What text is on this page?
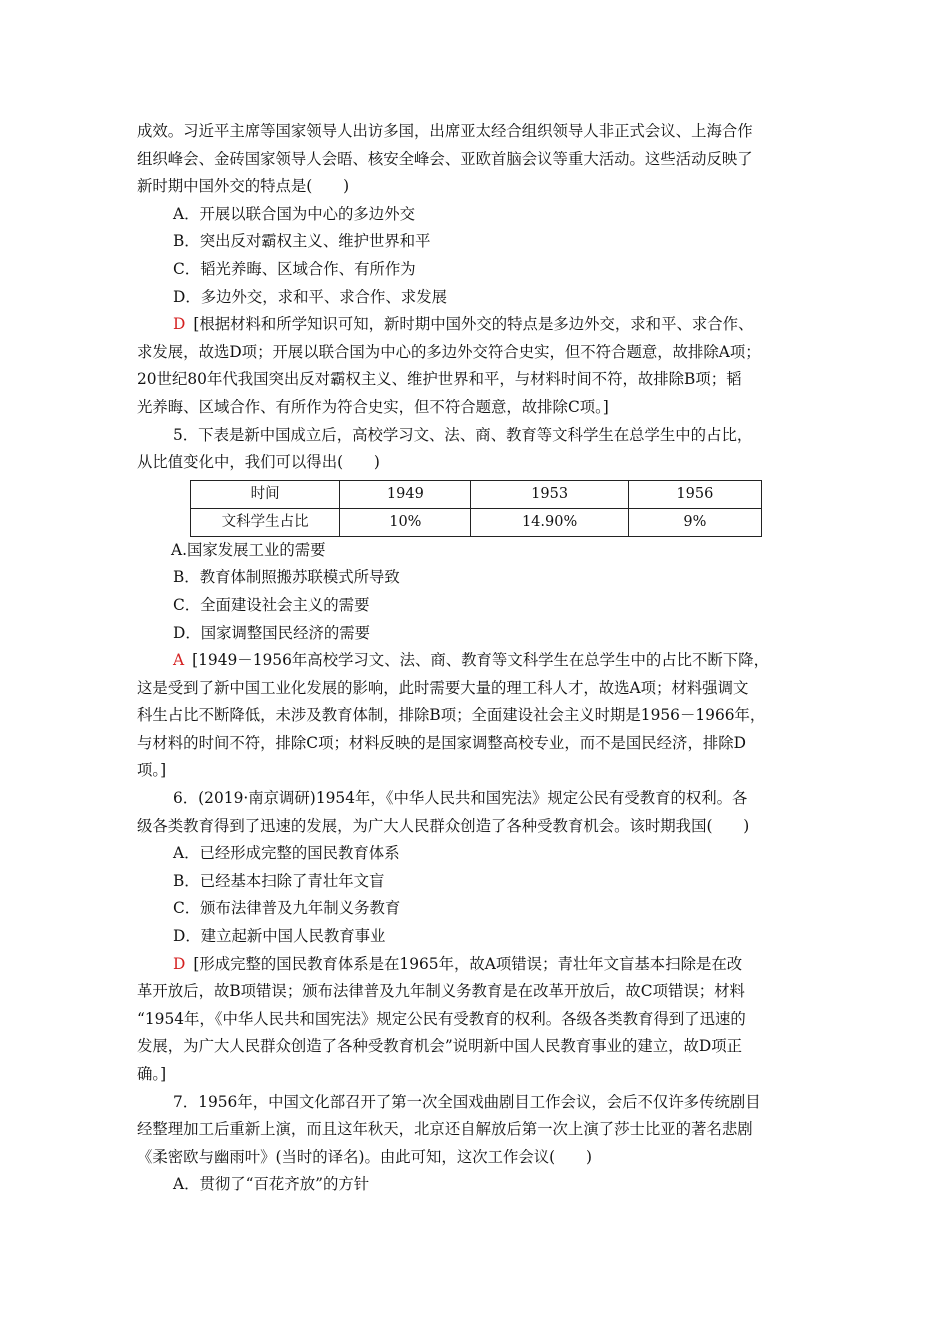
成效。习近平主席等国家领导人出访多国，出席亚太经合组织领导人非正式会议、上海合作
组织峰会、金砖国家领导人会晤、核安全峰会、亚欧首脑会议等重大活动。这些活动反映了
新时期中国外交的特点是(　　)
A．开展以联合国为中心的多边外交
B．突出反对霸权主义、维护世界和平
C．韬光养晦、区域合作、有所作为
D．多边外交，求和平、求合作、求发展
D [根据材料和所学知识可知，新时期中国外交的特点是多边外交，求和平、求合作、
求发展，故选D项；开展以联合国为中心的多边外交符合史实，但不符合题意，故排除A项；
20世纪80年代我国突出反对霸权主义、维护世界和平，与材料时间不符，故排除B项；韬
光养晦、区域合作、有所作为符合史实，但不符合题意，故排除C项。]
5．下表是新中国成立后，高校学习文、法、商、教育等文科学生在总学生中的占比，
从比值变化中，我们可以得出(　　)
时间	1949	1953	1956
文科学生占比	10%	14.90%	9%
A.国家发展工业的需要
B．教育体制照搬苏联模式所导致
C．全面建设社会主义的需要
D．国家调整国民经济的需要
A [1949－1956年高校学习文、法、商、教育等文科学生在总学生中的占比不断下降，
这是受到了新中国工业化发展的影响，此时需要大量的理工科人才，故选A项；材料强调文
科生占比不断降低，未涉及教育体制，排除B项；全面建设社会主义时期是1956－1966年，
与材料的时间不符，排除C项；材料反映的是国家调整高校专业，而不是国民经济，排除D
项。]
6．(2019·南京调研)1954年，《中华人民共和国宪法》规定公民有受教育的权利。各
级各类教育得到了迅速的发展，为广大人民群众创造了各种受教育机会。该时期我国(　　)
A．已经形成完整的国民教育体系
B．已经基本扫除了青壮年文盲
C．颁布法律普及九年制义务教育
D．建立起新中国人民教育事业
D [形成完整的国民教育体系是在1965年，故A项错误；青壮年文盲基本扫除是在改
革开放后，故B项错误；颁布法律普及九年制义务教育是在改革开放后，故C项错误；材料
“1954年，《中华人民共和国宪法》规定公民有受教育的权利。各级各类教育得到了迅速的
发展，为广大人民群众创造了各种受教育机会”说明新中国人民教育事业的建立，故D项正
确。]
7．1956年，中国文化部召开了第一次全国戏曲剧目工作会议，会后不仅许多传统剧目
经整理加工后重新上演，而且这年秋天，北京还自解放后第一次上演了莎士比亚的著名悲剧
《柔密欧与幽雨叶》(当时的译名)。由此可知，这次工作会议(　　)
A．贯彻了“百花齐放”的方针
